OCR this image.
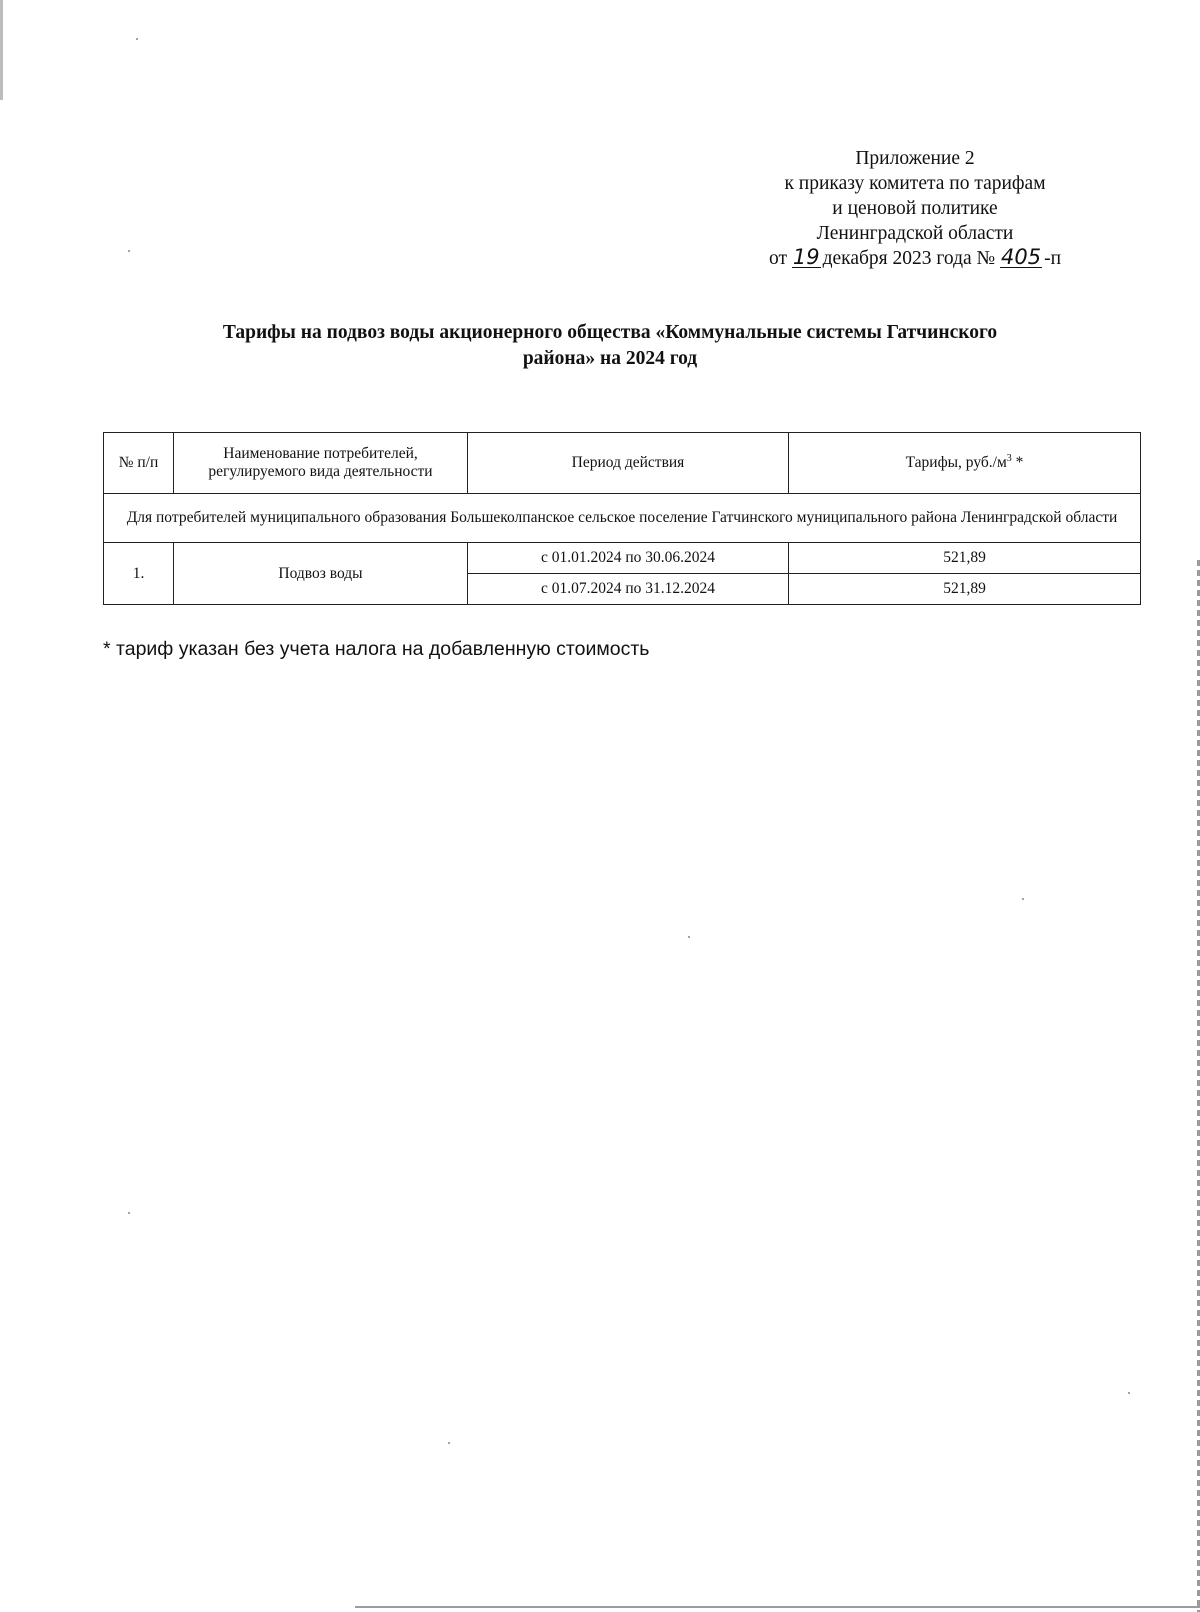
Приложение 2
к приказу комитета по тарифам
и ценовой политике
Ленинградской области
от 19 декабря 2023 года № 405 -п
Тарифы на подвоз воды акционерного общества «Коммунальные системы Гатчинского
района» на 2024 год
№ п/п	Наименование потребителей, регулируемого вида деятельности	Период действия	Тарифы, $руб./м^3$ *
Для потребителей муниципального образования Большеколпанское сельское поселение Гатчинского муниципального района Ленинградской области			
1.	Подвоз воды	с 01.01.2024 по 30.06.2024	521,89
		с 01.07.2024 по 31.12.2024	521,89
* тариф указан без учета налога на добавленную стоимость
